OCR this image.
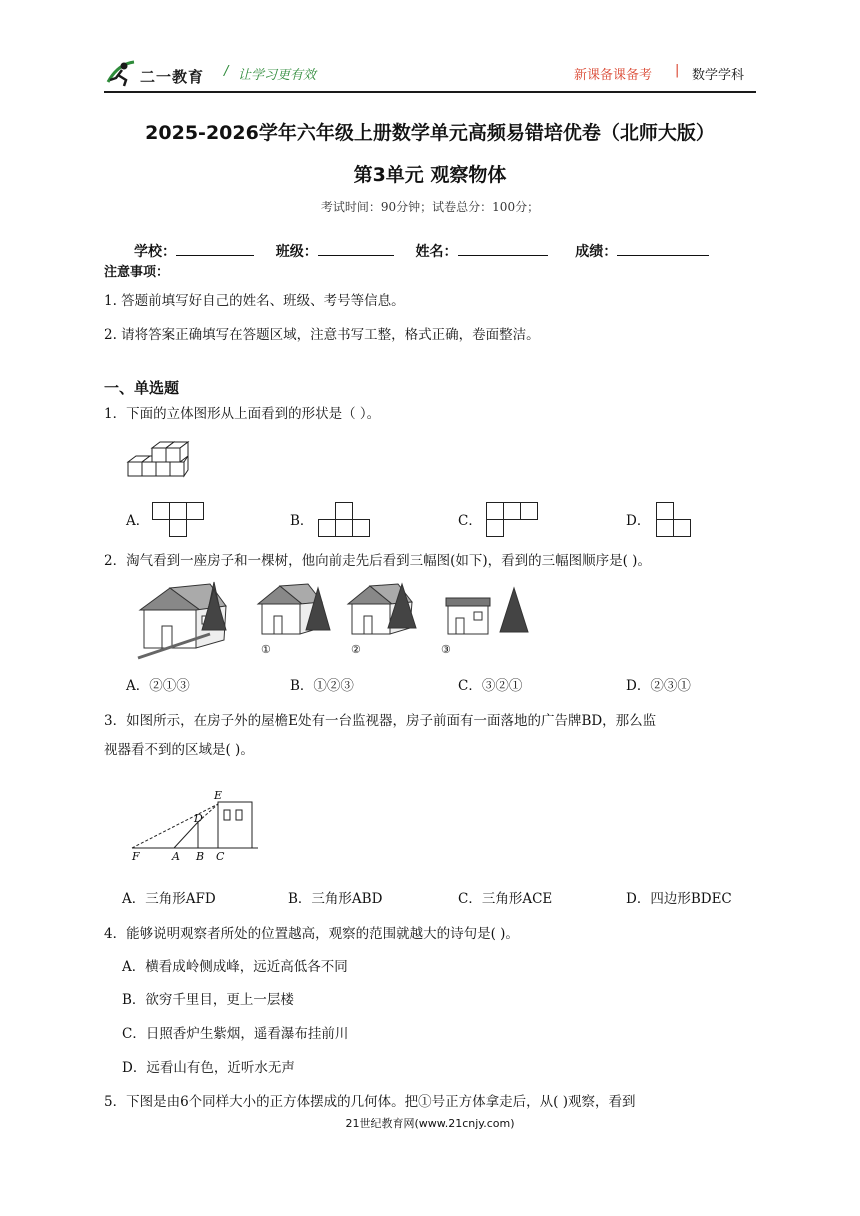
二一教育 / 让学习更有效	新课备课备考 | 数学学科
2025-2026学年六年级上册数学单元高频易错培优卷（北师大版）
第3单元 观察物体
考试时间：90分钟；试卷总分：100分；
学校：	班级：	姓名：	成绩：
注意事项：
1. 答题前填写好自己的姓名、班级、考号等信息。
2. 请将答案正确填写在答题区域，注意书写工整，格式正确，卷面整洁。
一、单选题
1．下面的立体图形从上面看到的形状是（ ）。
A．	B．	C．	D．
2．淘气看到一座房子和一棵树，他向前走先后看到三幅图(如下)，看到的三幅图顺序是( )。
①	②	③
A．②①③	B．①②③	C．③②①	D．②③①
3．如图所示，在房子外的屋檐E处有一台监视器，房子前面有一面落地的广告牌BD，那么监
视器看不到的区域是( )。
E
D
F	A B C
A．三角形AFD	B．三角形ABD	C．三角形ACE	D．四边形BDEC
4．能够说明观察者所处的位置越高，观察的范围就越大的诗句是( )。
A．横看成岭侧成峰，远近高低各不同
B．欲穷千里目，更上一层楼
C．日照香炉生紫烟，遥看瀑布挂前川
D．远看山有色，近听水无声
5．下图是由6个同样大小的正方体摆成的几何体。把①号正方体拿走后，从( )观察，看到
21世纪教育网(www.21cnjy.com)
